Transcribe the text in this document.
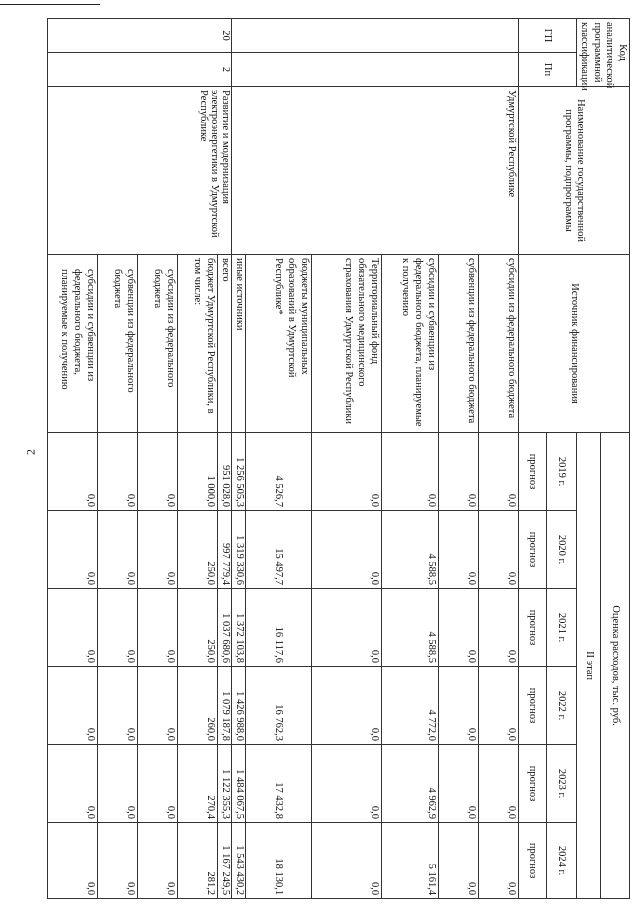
2
Код аналитической программной классификации		Наименование государственной программы, подпрограммы	Источник финансирования	Оценка расходов, тыс. руб.					
				II этап					
ГП	Пп			2019 г.	2020 г.	2021 г.	2022 г.	2023 г.	2024 г.
				прогноз	прогноз	прогноз	прогноз	прогноз	прогноз
		Удмуртской Республике	субсидии из федерального бюджета	0,0	0,0	0,0	0,0	0,0	0,0
			субвенции из федерального бюджета	0,0	0,0	0,0	0,0	0,0	0,0
			субсидии и субвенции из федерального бюджета, планируемые к получению	0,0	4 588,5	4 588,5	4 772,0	4 962,9	5 161,4
			Территориальный фонд обязательного медицинского страхования Удмуртской Республики	0,0	0,0	0,0	0,0	0,0	0,0
			бюджеты муниципальных образований в Удмуртской Республике*	4 526,7	15 497,7	16 117,6	16 762,3	17 432,8	18 130,1
			иные источники	1 256 505,3	1 319 330,6	1 372 103,8	1 426 988,0	1 484 067,5	1 543 430,2
20	2	Развитие и модернизация электроэнергетики в Удмуртской Республике	всего	951 028,0	997 779,4	1 037 680,6	1 079 187,8	1 122 355,3	1 167 249,5
			бюджет Удмуртской Республики, в том числе:	1 000,0	250,0	250,0	260,0	270,4	281,2
			субсидии из федерального бюджета	0,0	0,0	0,0	0,0	0,0	0,0
			субвенции из федерального бюджета	0,0	0,0	0,0	0,0	0,0	0,0
			субсидии и субвенции из федерального бюджета, планируемые к получению	0,0	0,0	0,0	0,0	0,0	0,0
